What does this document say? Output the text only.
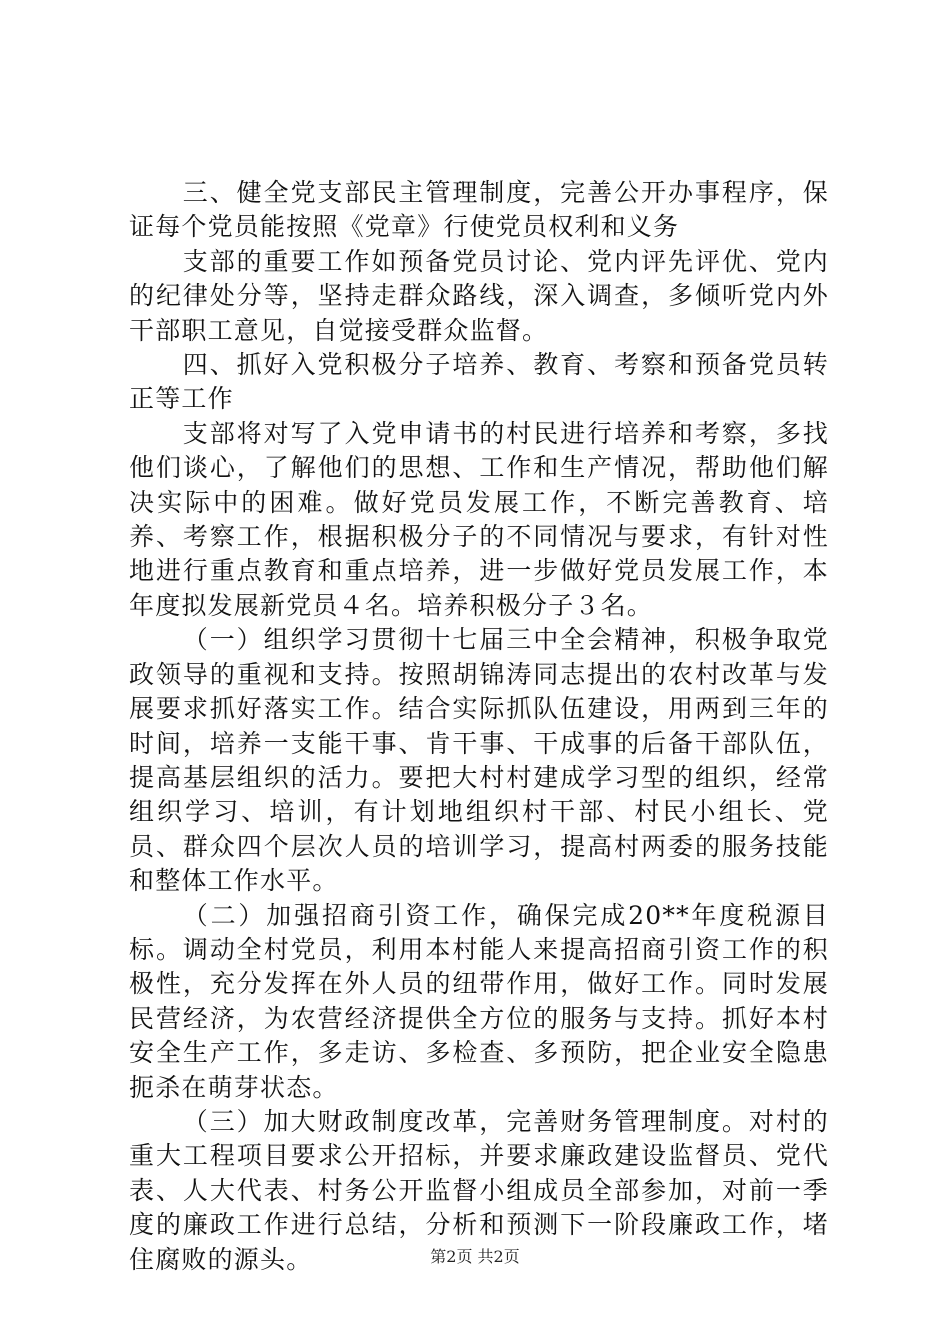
三、健全党支部民主管理制度，完善公开办事程序，保证每个党员能按照《党章》行使党员权利和义务

支部的重要工作如预备党员讨论、党内评先评优、党内的纪律处分等，坚持走群众路线，深入调查，多倾听党内外干部职工意见，自觉接受群众监督。

四、抓好入党积极分子培养、教育、考察和预备党员转正等工作

支部将对写了入党申请书的村民进行培养和考察，多找他们谈心，了解他们的思想、工作和生产情况，帮助他们解决实际中的困难。做好党员发展工作，不断完善教育、培养、考察工作，根据积极分子的不同情况与要求，有针对性地进行重点教育和重点培养，进一步做好党员发展工作，本年度拟发展新党员４名。培养积极分子３名。

（一）组织学习贯彻十七届三中全会精神，积极争取党政领导的重视和支持。按照胡锦涛同志提出的农村改革与发展要求抓好落实工作。结合实际抓队伍建设，用两到三年的时间，培养一支能干事、肯干事、干成事的后备干部队伍，提高基层组织的活力。要把大村村建成学习型的组织，经常组织学习、培训，有计划地组织村干部、村民小组长、党员、群众四个层次人员的培训学习，提高村两委的服务技能和整体工作水平。

（二）加强招商引资工作，确保完成20**年度税源目标。调动全村党员，利用本村能人来提高招商引资工作的积极性，充分发挥在外人员的纽带作用，做好工作。同时发展民营经济，为农营经济提供全方位的服务与支持。抓好本村安全生产工作，多走访、多检查、多预防，把企业安全隐患扼杀在萌芽状态。

（三）加大财政制度改革，完善财务管理制度。对村的重大工程项目要求公开招标，并要求廉政建设监督员、党代表、人大代表、村务公开监督小组成员全部参加，对前一季度的廉政工作进行总结，分析和预测下一阶段廉政工作，堵住腐败的源头。	第2页 共2页
